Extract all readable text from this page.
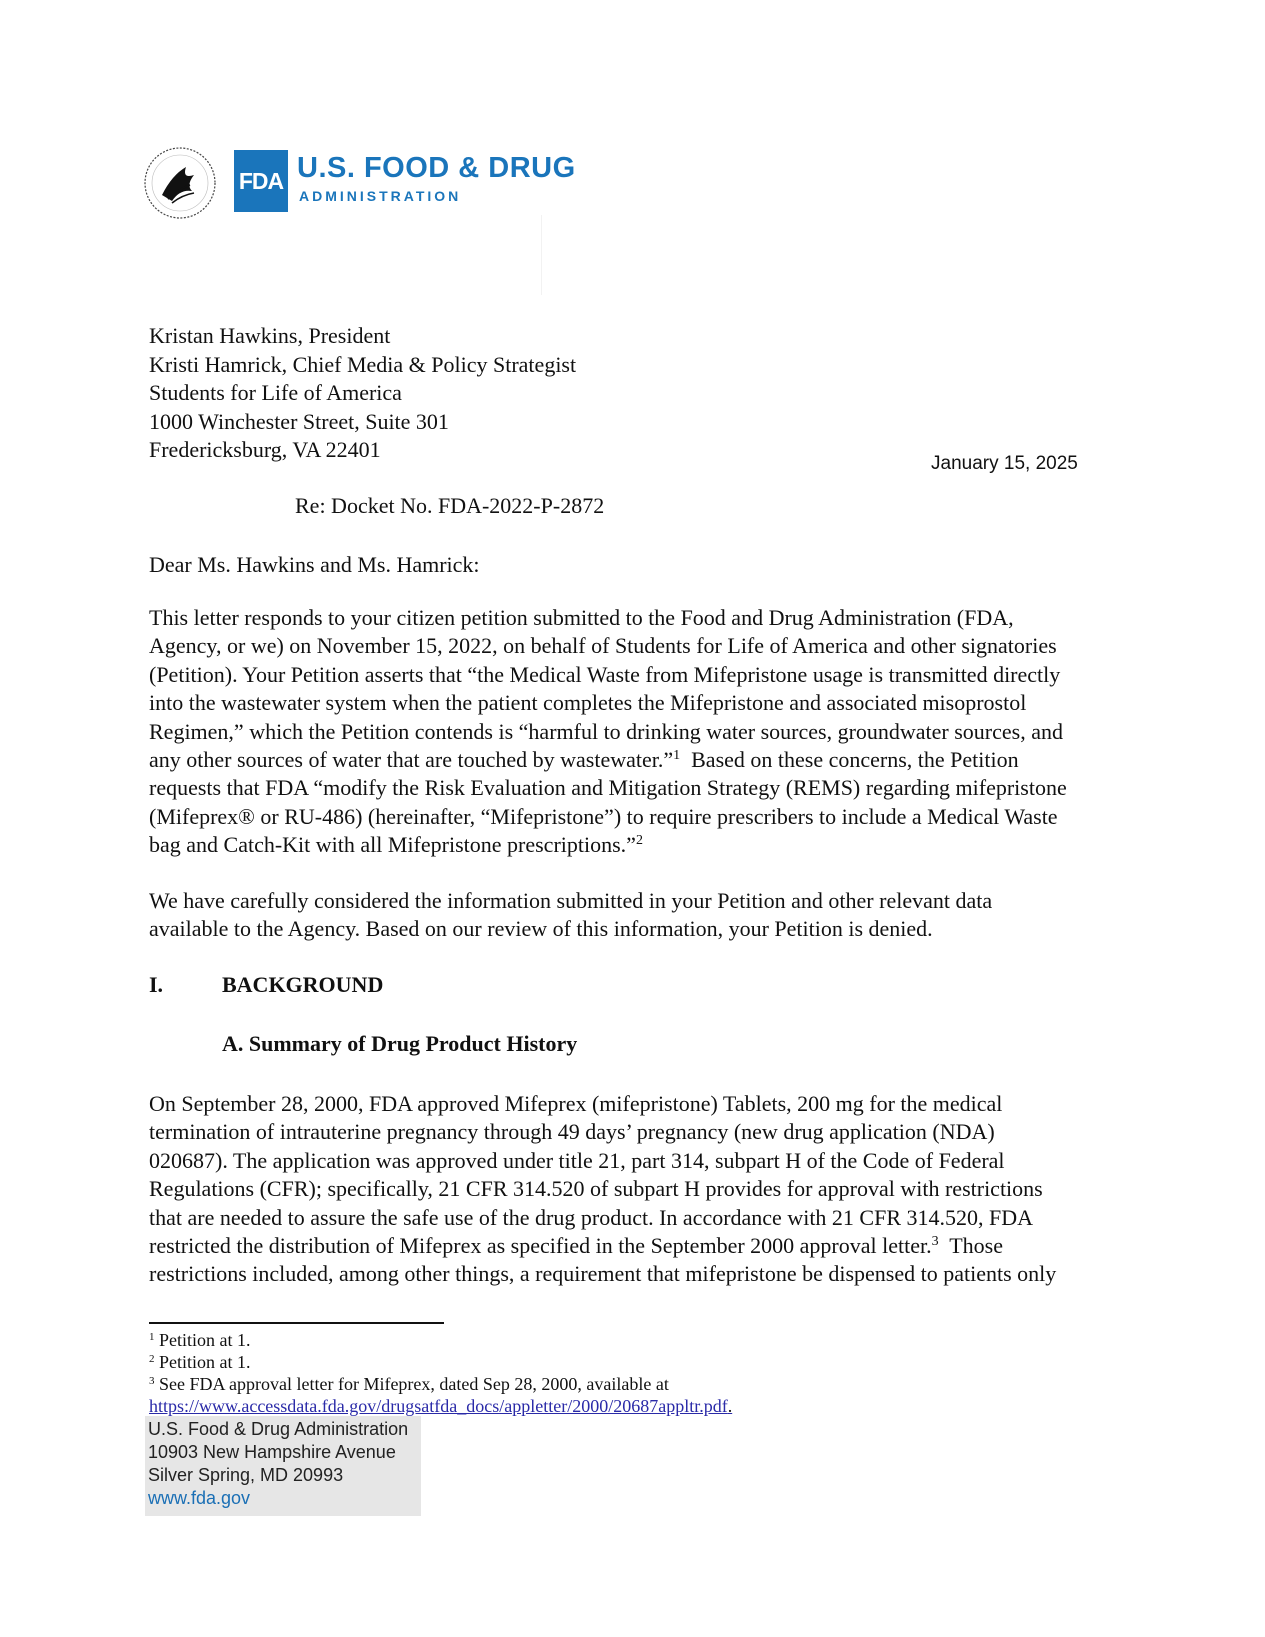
FDA U.S. FOOD & DRUG
ADMINISTRATION
Kristan Hawkins, President
Kristi Hamrick, Chief Media & Policy Strategist
Students for Life of America
1000 Winchester Street, Suite 301
Fredericksburg, VA 22401
January 15, 2025
Re: Docket No. FDA-2022-P-2872
Dear Ms. Hawkins and Ms. Hamrick:
This letter responds to your citizen petition submitted to the Food and Drug Administration (FDA,
Agency, or we) on November 15, 2022, on behalf of Students for Life of America and other signatories
(Petition). Your Petition asserts that “the Medical Waste from Mifepristone usage is transmitted directly
into the wastewater system when the patient completes the Mifepristone and associated misoprostol
Regimen,” which the Petition contends is “harmful to drinking water sources, groundwater sources, and
any other sources of water that are touched by wastewater.”$^1$  Based on these concerns, the Petition
requests that FDA “modify the Risk Evaluation and Mitigation Strategy (REMS) regarding mifepristone
(Mifeprex® or RU-486) (hereinafter, “Mifepristone”) to require prescribers to include a Medical Waste
bag and Catch-Kit with all Mifepristone prescriptions.”$^2$
We have carefully considered the information submitted in your Petition and other relevant data
available to the Agency. Based on our review of this information, your Petition is denied.
I.	BACKGROUND
A. Summary of Drug Product History
On September 28, 2000, FDA approved Mifeprex (mifepristone) Tablets, 200 mg for the medical
termination of intrauterine pregnancy through 49 days’ pregnancy (new drug application (NDA)
020687). The application was approved under title 21, part 314, subpart H of the Code of Federal
Regulations (CFR); specifically, 21 CFR 314.520 of subpart H provides for approval with restrictions
that are needed to assure the safe use of the drug product. In accordance with 21 CFR 314.520, FDA
restricted the distribution of Mifeprex as specified in the September 2000 approval letter.$^3$  Those
restrictions included, among other things, a requirement that mifepristone be dispensed to patients only
$^1$ Petition at 1.
$^2$ Petition at 1.
$^3$ See FDA approval letter for Mifeprex, dated Sep 28, 2000, available at
https://www.accessdata.fda.gov/drugsatfda_docs/appletter/2000/20687appltr.pdf.
U.S. Food & Drug Administration
10903 New Hampshire Avenue
Silver Spring, MD 20993
www.fda.gov
